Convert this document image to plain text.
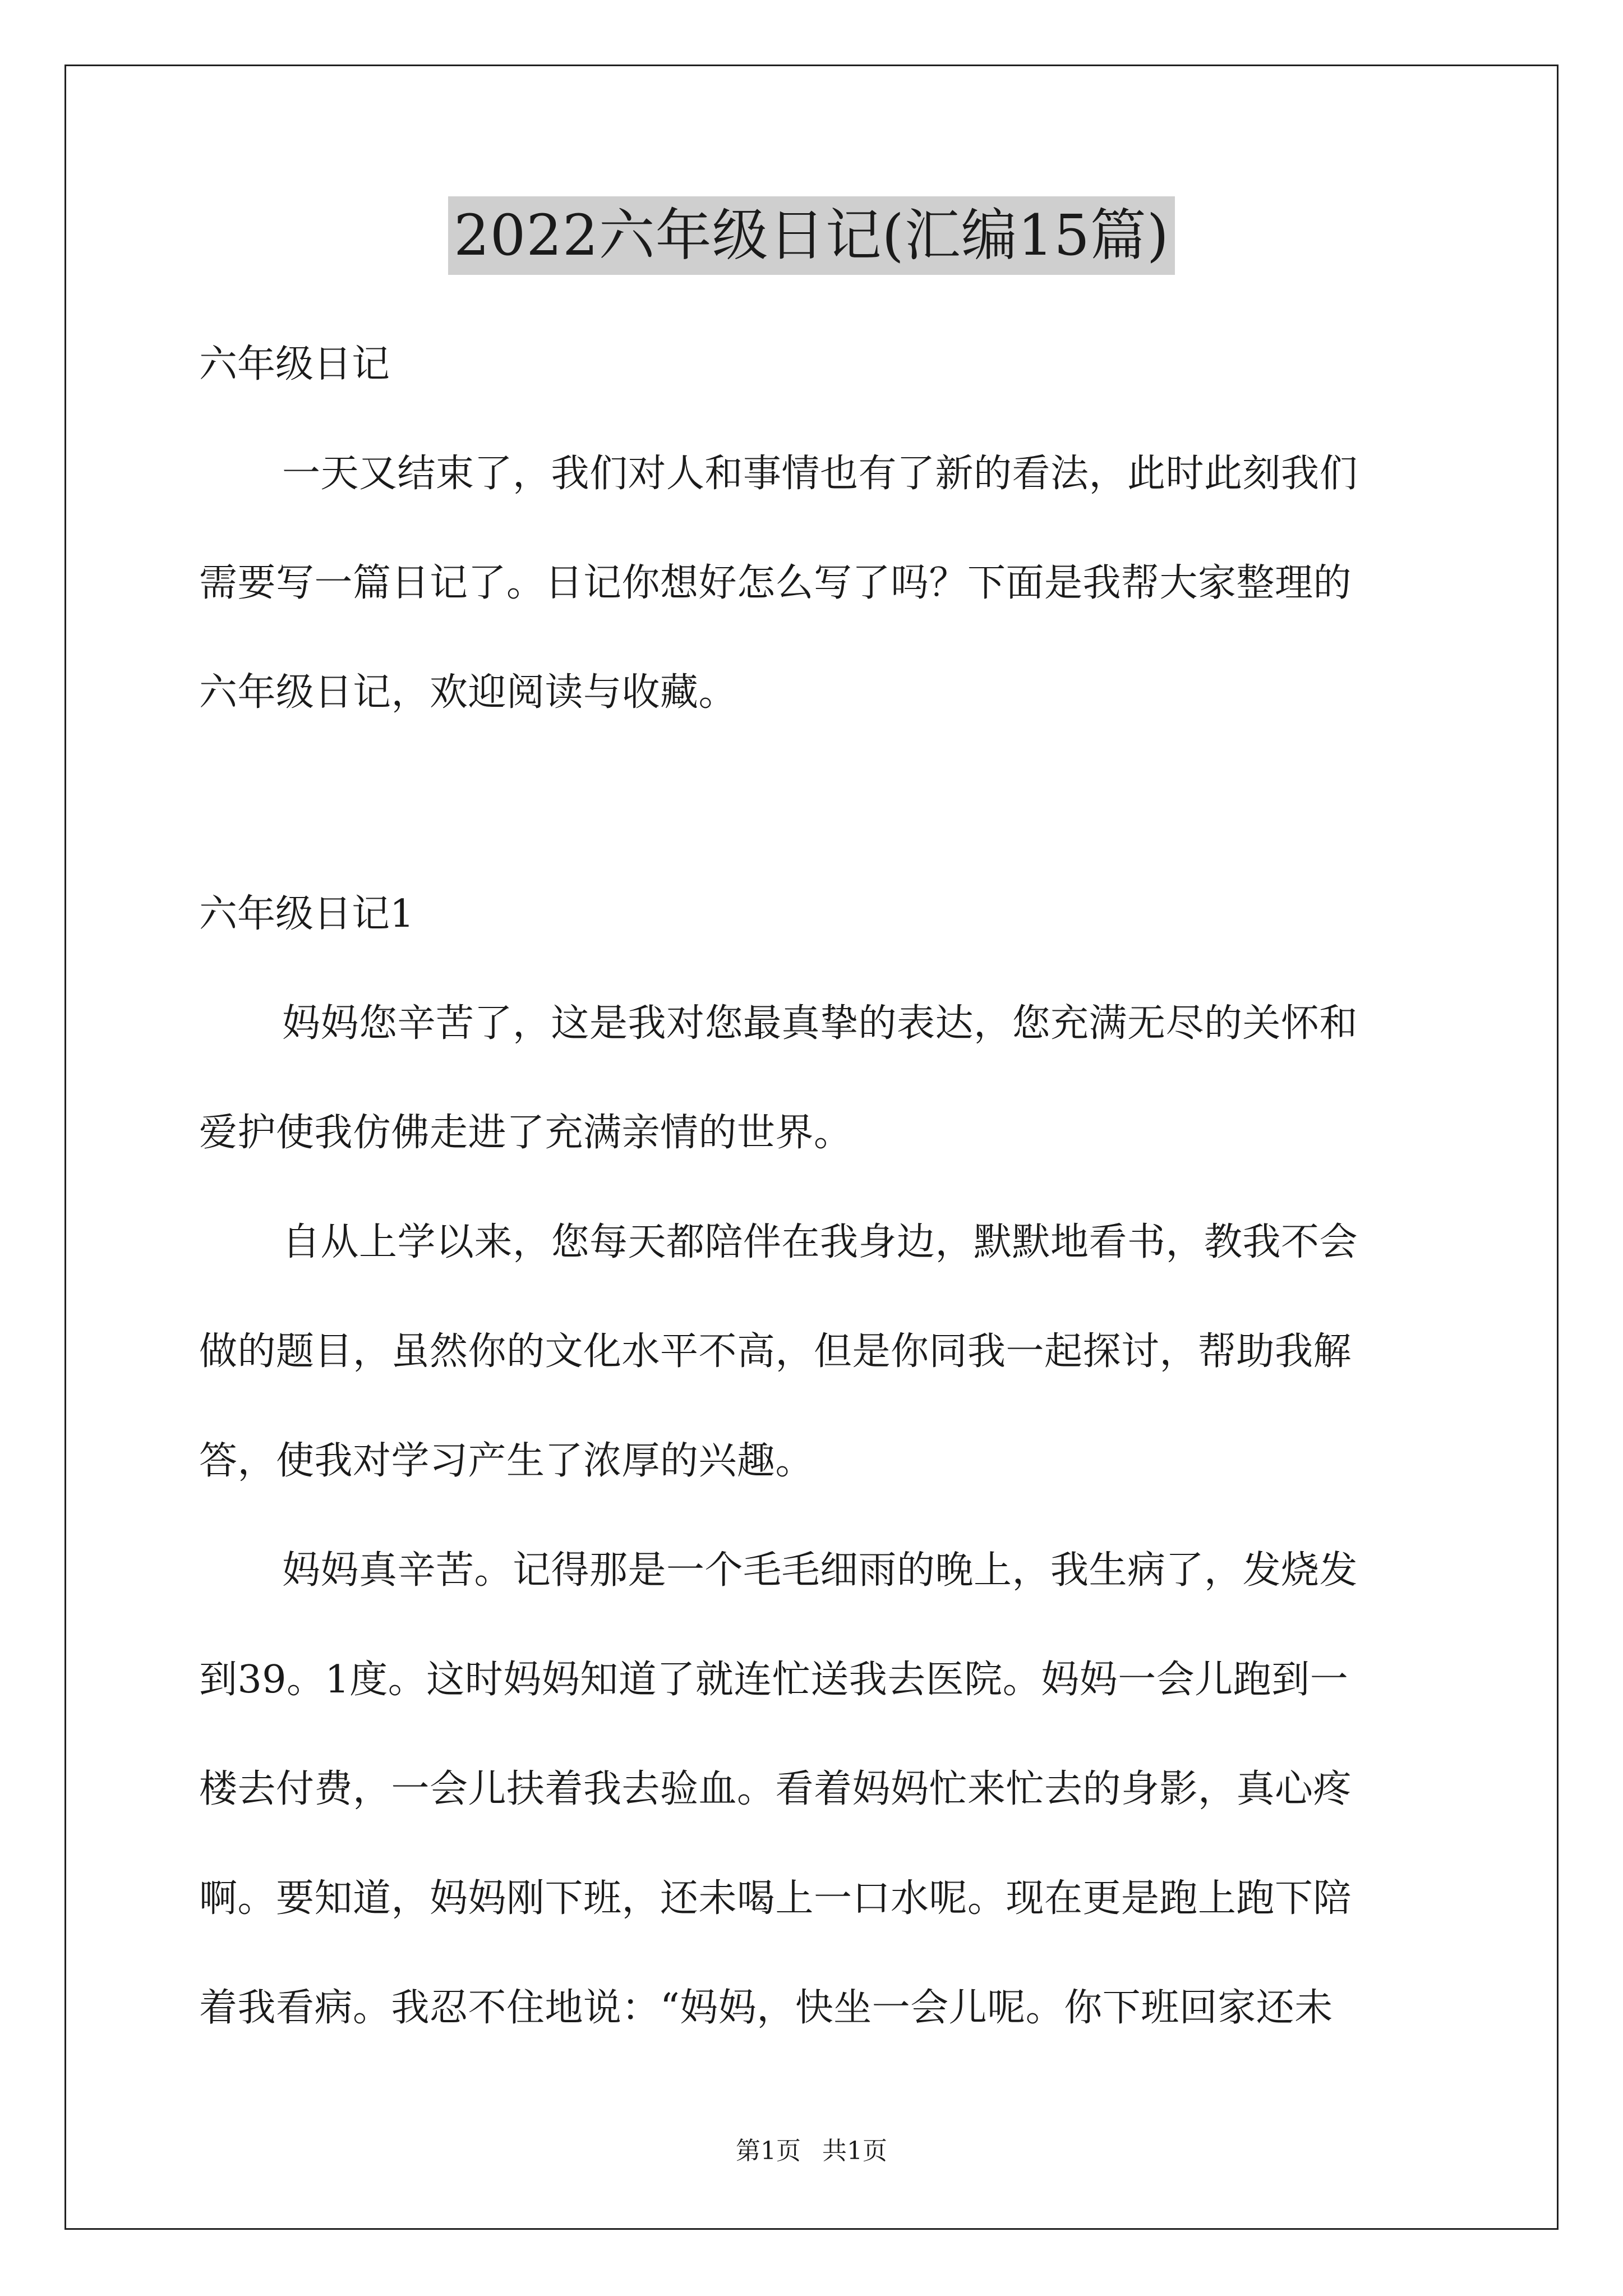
2022六年级日记(汇编15篇)

六年级日记

一天又结束了，我们对人和事情也有了新的看法，此时此刻我们

需要写一篇日记了。日记你想好怎么写了吗？下面是我帮大家整理的

六年级日记，欢迎阅读与收藏。

六年级日记1

妈妈您辛苦了，这是我对您最真挚的表达，您充满无尽的关怀和

爱护使我仿佛走进了充满亲情的世界。

自从上学以来，您每天都陪伴在我身边，默默地看书，教我不会

做的题目，虽然你的文化水平不高，但是你同我一起探讨，帮助我解

答，使我对学习产生了浓厚的兴趣。

妈妈真辛苦。记得那是一个毛毛细雨的晚上，我生病了，发烧发

到39。1度。这时妈妈知道了就连忙送我去医院。妈妈一会儿跑到一

楼去付费，一会儿扶着我去验血。看着妈妈忙来忙去的身影，真心疼

啊。要知道，妈妈刚下班，还未喝上一口水呢。现在更是跑上跑下陪

着我看病。我忍不住地说：“妈妈，快坐一会儿呢。你下班回家还未

第1页 共1页
